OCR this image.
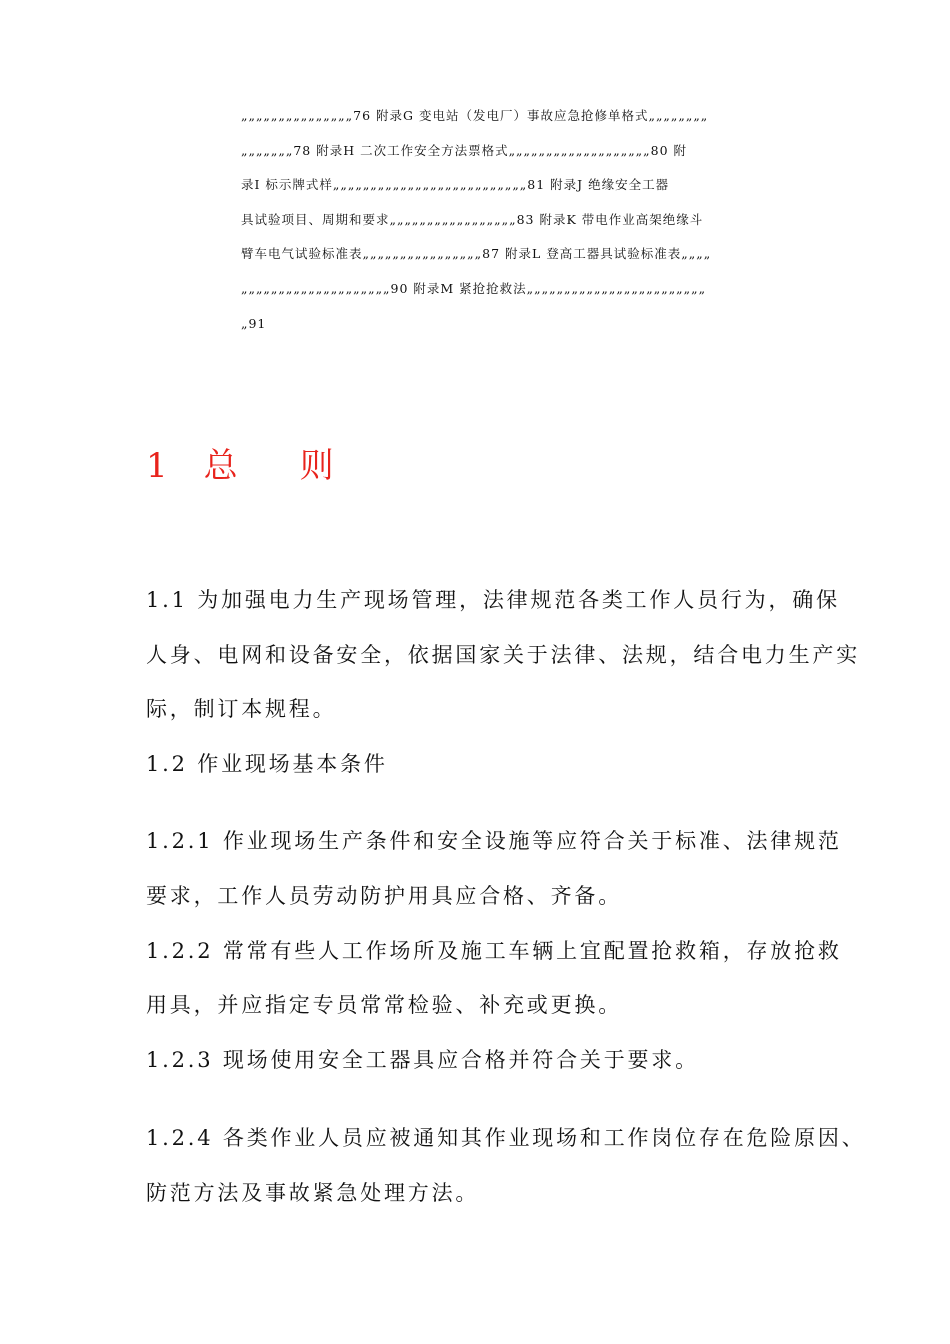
„„„„„„„„„„„„„„„76 附录G 变电站（发电厂）事故应急抢修单格式„„„„„„„„
„„„„„„„78 附录H 二次工作安全方法票格式„„„„„„„„„„„„„„„„„„„80 附
录I 标示牌式样„„„„„„„„„„„„„„„„„„„„„„„„„„81 附录J 绝缘安全工器
具试验项目、周期和要求„„„„„„„„„„„„„„„„„83 附录K 带电作业高架绝缘斗
臂车电气试验标准表„„„„„„„„„„„„„„„„87 附录L 登高工器具试验标准表„„„„
„„„„„„„„„„„„„„„„„„„„90 附录M 紧抢抢救法„„„„„„„„„„„„„„„„„„„„„„„„
„91
1 总 则
1.1 为加强电力生产现场管理，法律规范各类工作人员行为，确保
人身、电网和设备安全，依据国家关于法律、法规，结合电力生产实
际，制订本规程。
1.2 作业现场基本条件
1.2.1 作业现场生产条件和安全设施等应符合关于标准、法律规范
要求，工作人员劳动防护用具应合格、齐备。
1.2.2 常常有些人工作场所及施工车辆上宜配置抢救箱，存放抢救
用具，并应指定专员常常检验、补充或更换。
1.2.3 现场使用安全工器具应合格并符合关于要求。
1.2.4 各类作业人员应被通知其作业现场和工作岗位存在危险原因、
防范方法及事故紧急处理方法。
